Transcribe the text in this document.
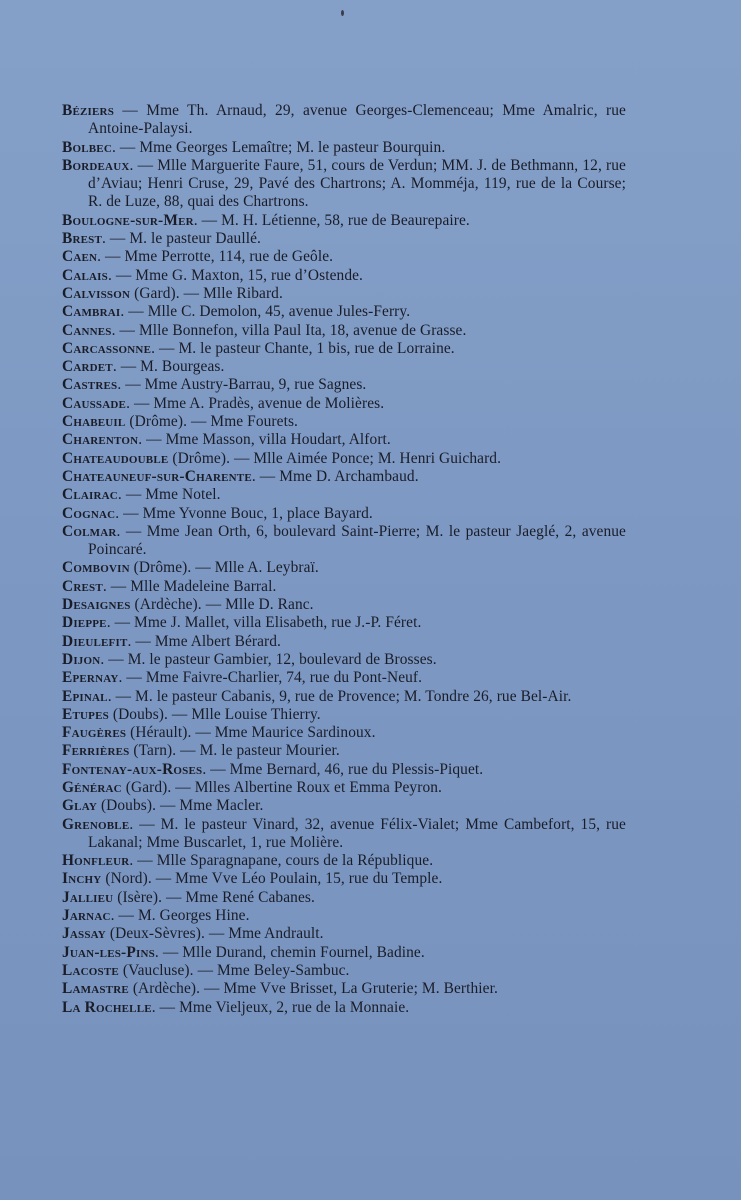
Béziers — Mme Th. Arnaud, 29, avenue Georges-Clemenceau; Mme Amalric, rue Antoine-Palaysi.

Bolbec. — Mme Georges Lemaître; M. le pasteur Bourquin.

Bordeaux. — Mlle Marguerite Faure, 51, cours de Verdun; MM. J. de Bethmann, 12, rue d’Aviau; Henri Cruse, 29, Pavé des Chartrons; A. Momméja, 119, rue de la Course; R. de Luze, 88, quai des Chartrons.

Boulogne-sur-Mer. — M. H. Létienne, 58, rue de Beaurepaire.

Brest. — M. le pasteur Daullé.

Caen. — Mme Perrotte, 114, rue de Geôle.

Calais. — Mme G. Maxton, 15, rue d’Ostende.

Calvisson (Gard). — Mlle Ribard.

Cambrai. — Mlle C. Demolon, 45, avenue Jules-Ferry.

Cannes. — Mlle Bonnefon, villa Paul Ita, 18, avenue de Grasse.

Carcassonne. — M. le pasteur Chante, 1 bis, rue de Lorraine.

Cardet. — M. Bourgeas.

Castres. — Mme Austry-Barrau, 9, rue Sagnes.

Caussade. — Mme A. Pradès, avenue de Molières.

Chabeuil (Drôme). — Mme Fourets.

Charenton. — Mme Masson, villa Houdart, Alfort.

Chateaudouble (Drôme). — Mlle Aimée Ponce; M. Henri Guichard.

Chateauneuf-sur-Charente. — Mme D. Archambaud.

Clairac. — Mme Notel.

Cognac. — Mme Yvonne Bouc, 1, place Bayard.

Colmar. — Mme Jean Orth, 6, boulevard Saint-Pierre; M. le pasteur Jaeglé, 2, avenue Poincaré.

Combovin (Drôme). — Mlle A. Leybraï.

Crest. — Mlle Madeleine Barral.

Desaignes (Ardèche). — Mlle D. Ranc.

Dieppe. — Mme J. Mallet, villa Elisabeth, rue J.-P. Féret.

Dieulefit. — Mme Albert Bérard.

Dijon. — M. le pasteur Gambier, 12, boulevard de Brosses.

Epernay. — Mme Faivre-Charlier, 74, rue du Pont-Neuf.

Epinal. — M. le pasteur Cabanis, 9, rue de Provence; M. Tondre 26, rue Bel-Air.

Etupes (Doubs). — Mlle Louise Thierry.

Faugères (Hérault). — Mme Maurice Sardinoux.

Ferrières (Tarn). — M. le pasteur Mourier.

Fontenay-aux-Roses. — Mme Bernard, 46, rue du Plessis-Piquet.

Générac (Gard). — Mlles Albertine Roux et Emma Peyron.

Glay (Doubs). — Mme Macler.

Grenoble. — M. le pasteur Vinard, 32, avenue Félix-Vialet; Mme Cambefort, 15, rue Lakanal; Mme Buscarlet, 1, rue Molière.

Honfleur. — Mlle Sparagnapane, cours de la République.

Inchy (Nord). — Mme Vve Léo Poulain, 15, rue du Temple.

Jallieu (Isère). — Mme René Cabanes.

Jarnac. — M. Georges Hine.

Jassay (Deux-Sèvres). — Mme Andrault.

Juan-les-Pins. — Mlle Durand, chemin Fournel, Badine.

Lacoste (Vaucluse). — Mme Beley-Sambuc.

Lamastre (Ardèche). — Mme Vve Brisset, La Gruterie; M. Berthier.

La Rochelle. — Mme Vieljeux, 2, rue de la Monnaie.
